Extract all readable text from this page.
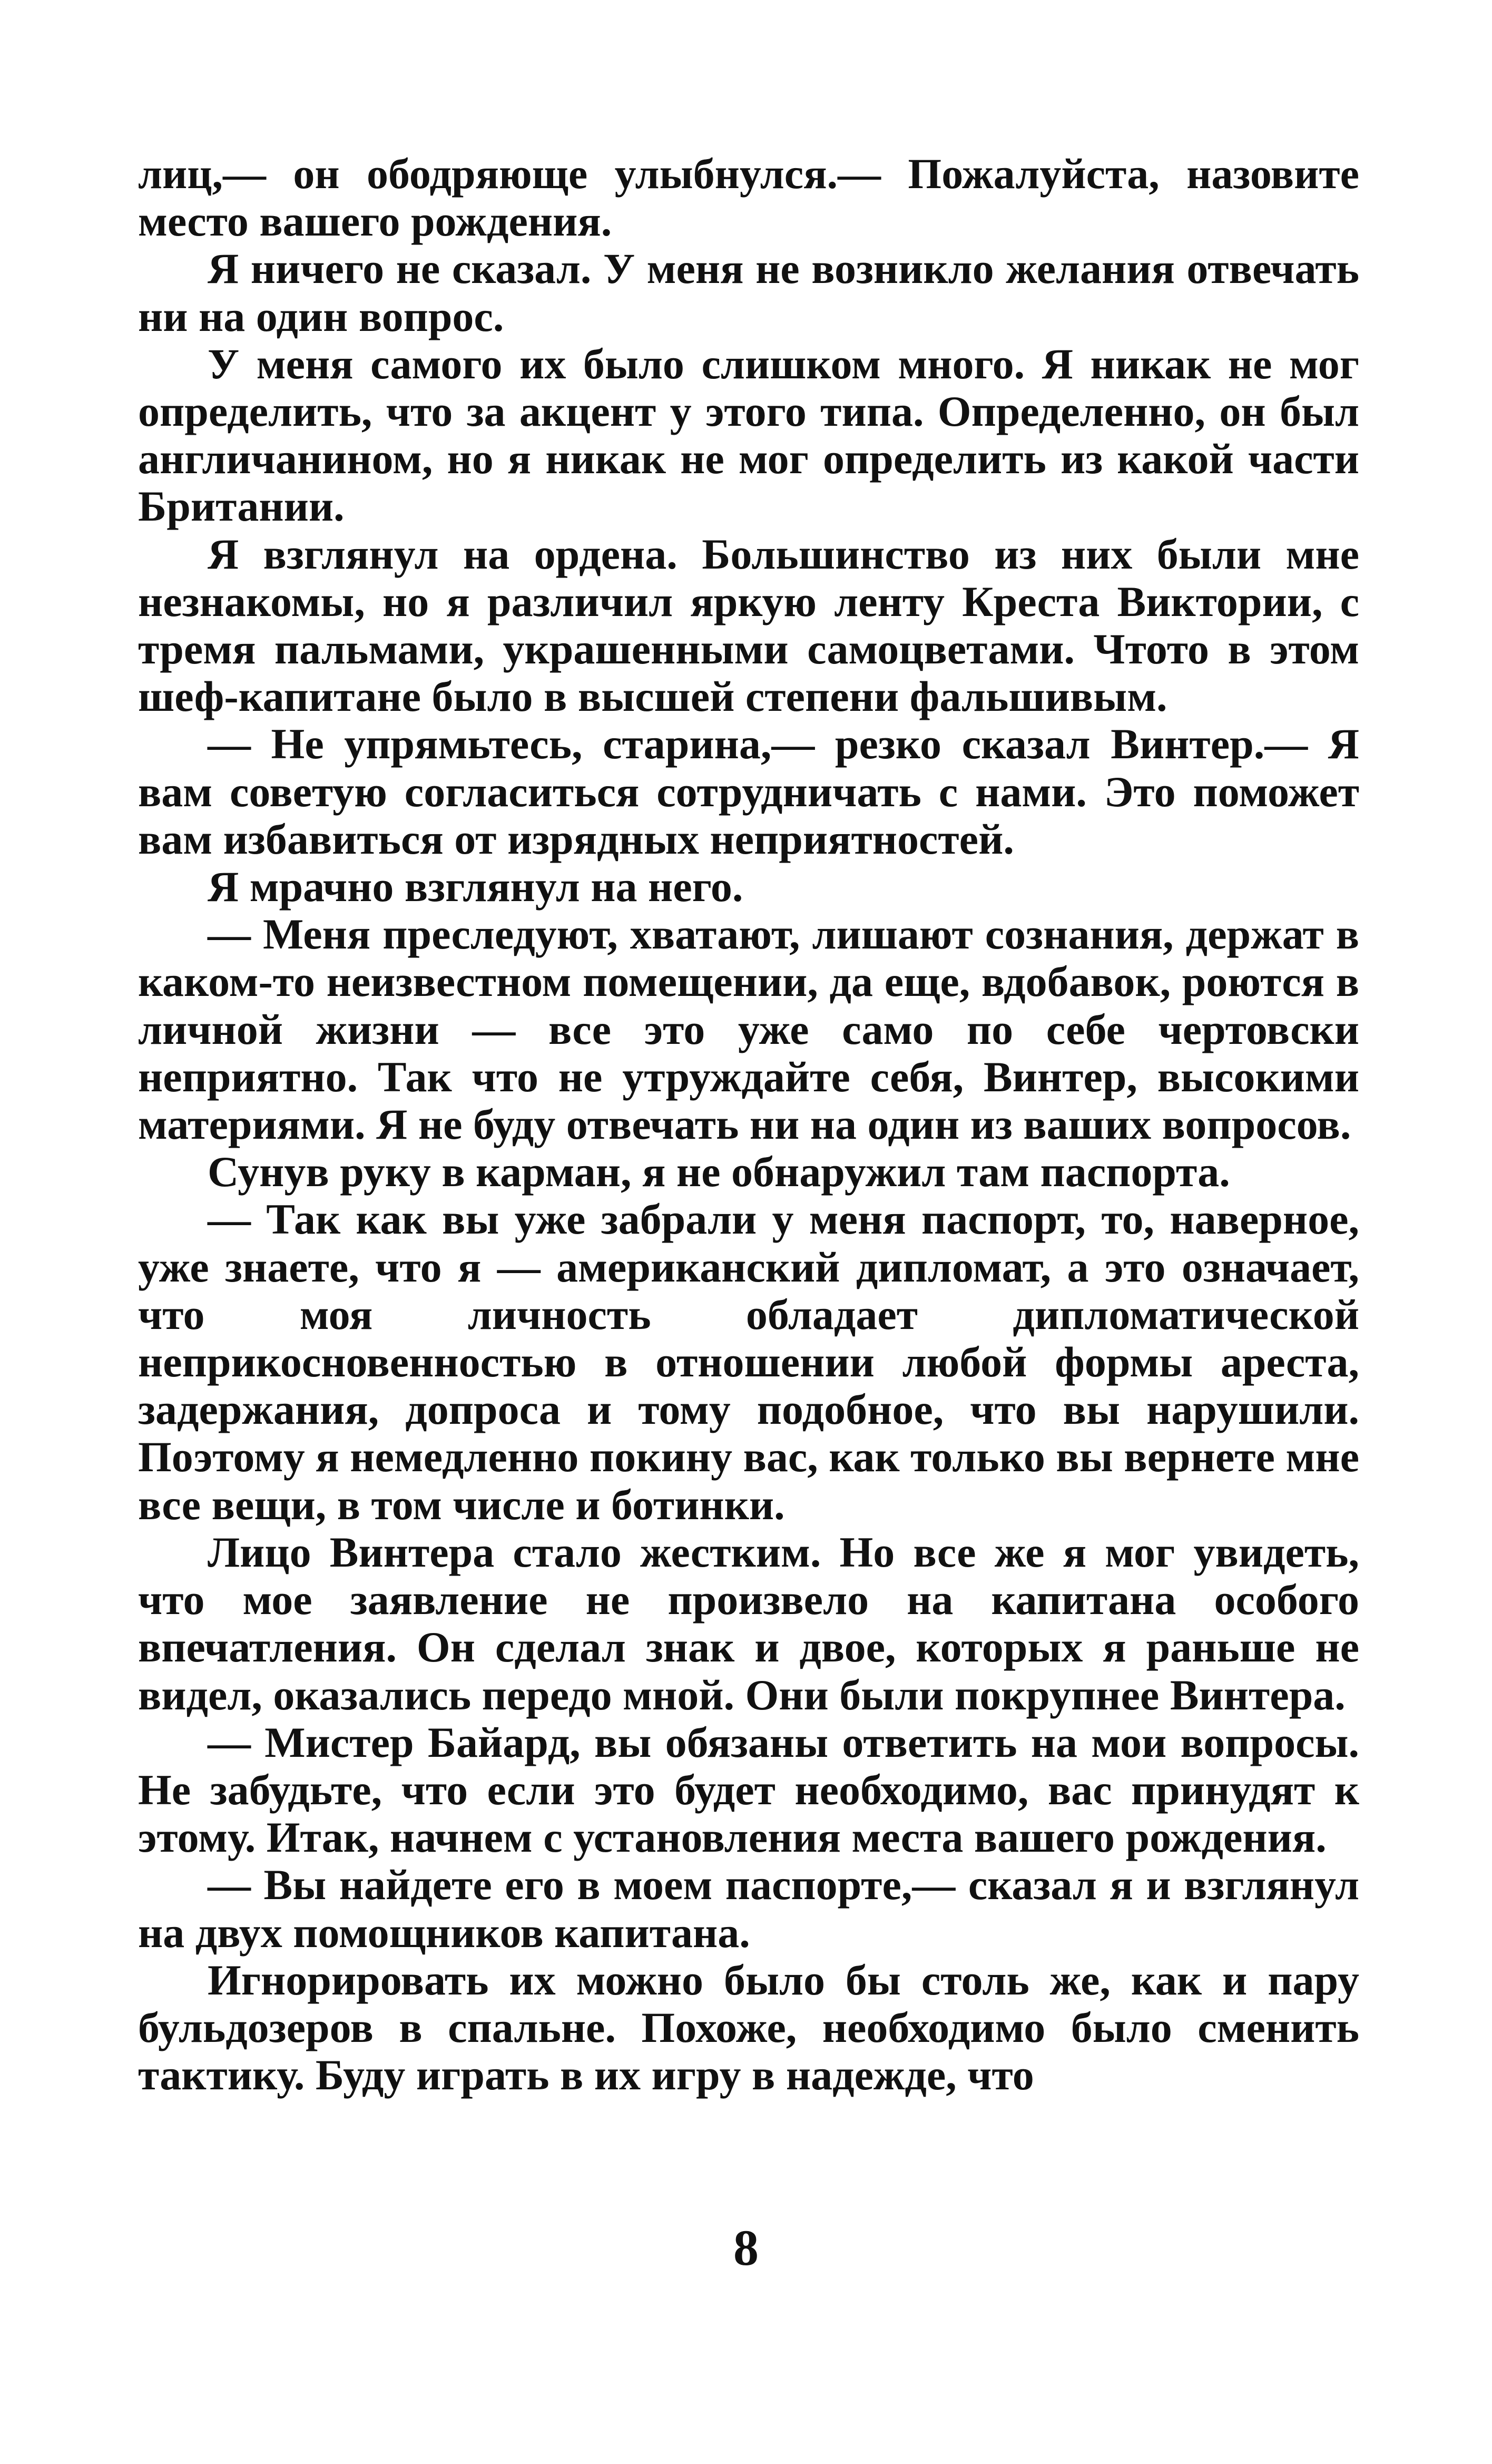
лиц,— он ободряюще улыбнулся.— Пожалуйста, назовите место вашего рождения.

Я ничего не сказал. У меня не возникло желания отвечать ни на один вопрос.

У меня самого их было слишком много. Я никак не мог определить, что за акцент у этого типа. Определенно, он был англичанином, но я никак не мог определить из какой части Британии.

Я взглянул на ордена. Большинство из них были мне незнакомы, но я различил яркую ленту Креста Виктории, с тремя пальмами, украшенными самоцветами. Чтото в этом шеф-капитане было в высшей степени фальшивым.

— Не упрямьтесь, старина,— резко сказал Винтер.— Я вам советую согласиться сотрудничать с нами. Это поможет вам избавиться от изрядных неприятностей.

Я мрачно взглянул на него.

— Меня преследуют, хватают, лишают сознания, держат в каком-то неизвестном помещении, да еще, вдобавок, роются в личной жизни — все это уже само по себе чертовски неприятно. Так что не утруждайте себя, Винтер, высокими материями. Я не буду отвечать ни на один из ваших вопросов.

Сунув руку в карман, я не обнаружил там паспорта.

— Так как вы уже забрали у меня паспорт, то, наверное, уже знаете, что я — американский дипломат, а это означает, что моя личность обладает дипломатической неприкосновенностью в отношении любой формы ареста, задержания, допроса и тому подобное, что вы нарушили. Поэтому я немедленно покину вас, как только вы вернете мне все вещи, в том числе и ботинки.

Лицо Винтера стало жестким. Но все же я мог увидеть, что мое заявление не произвело на капитана особого впечатления. Он сделал знак и двое, которых я раньше не видел, оказались передо мной. Они были покрупнее Винтера.

— Мистер Байард, вы обязаны ответить на мои вопросы. Не забудьте, что если это будет необходимо, вас принудят к этому. Итак, начнем с установления места вашего рождения.

— Вы найдете его в моем паспорте,— сказал я и взглянул на двух помощников капитана.

Игнорировать их можно было бы столь же, как и пару бульдозеров в спальне. Похоже, необходимо было сменить тактику. Буду играть в их игру в надежде, что

8
